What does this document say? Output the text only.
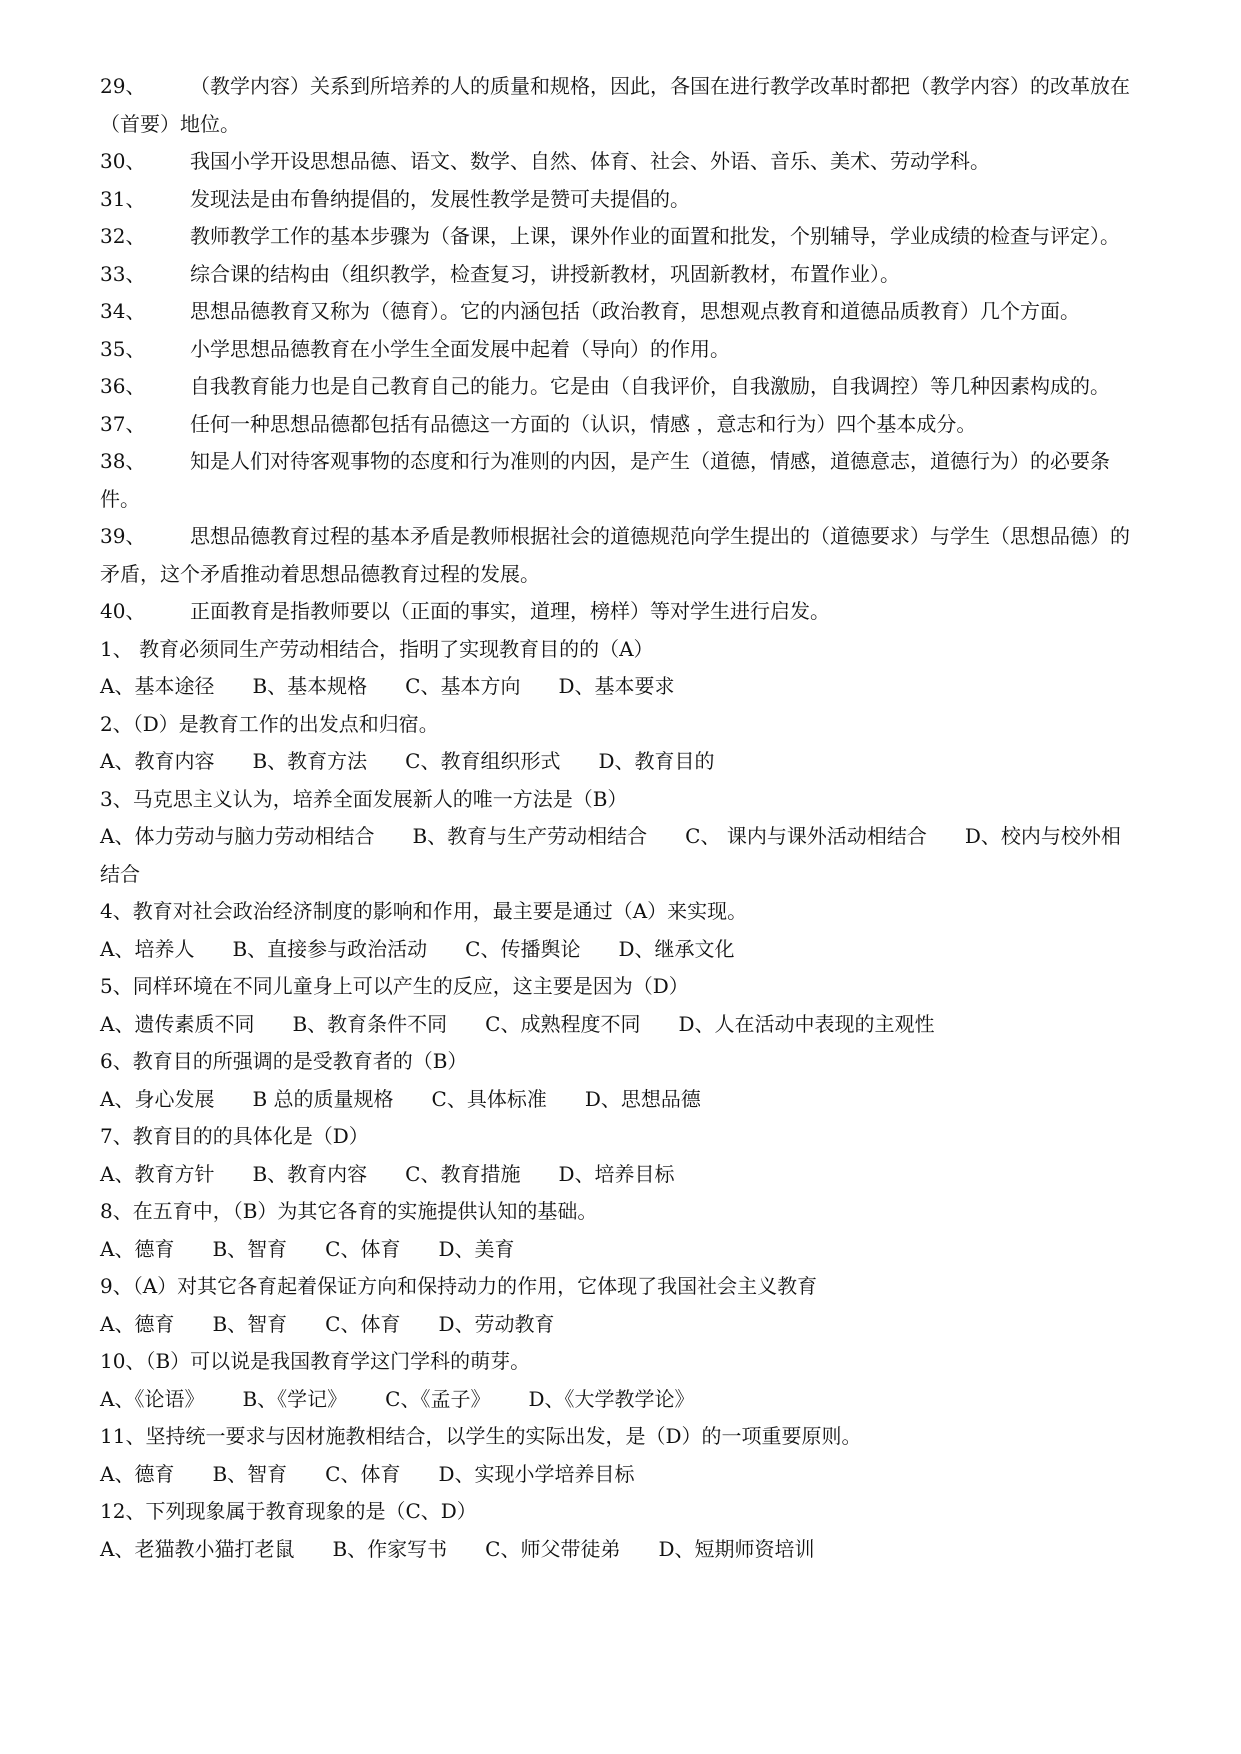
29、 （教学内容）关系到所培养的人的质量和规格，因此，各国在进行教学改革时都把（教学内容）的改革放在（首要）地位。
30、 我国小学开设思想品德、语文、数学、自然、体育、社会、外语、音乐、美术、劳动学科。
31、 发现法是由布鲁纳提倡的，发展性教学是赞可夫提倡的。
32、 教师教学工作的基本步骤为（备课，上课，课外作业的面置和批发，个别辅导，学业成绩的检查与评定）。
33、 综合课的结构由（组织教学，检查复习，讲授新教材，巩固新教材，布置作业）。
34、 思想品德教育又称为（德育）。它的内涵包括（政治教育，思想观点教育和道德品质教育）几个方面。
35、 小学思想品德教育在小学生全面发展中起着（导向）的作用。
36、 自我教育能力也是自己教育自己的能力。它是由（自我评价，自我激励，自我调控）等几种因素构成的。
37、 任何一种思想品德都包括有品德这一方面的（认识，情感 ，意志和行为）四个基本成分。
38、 知是人们对待客观事物的态度和行为准则的内因，是产生（道德，情感，道德意志，道德行为）的必要条件。
39、 思想品德教育过程的基本矛盾是教师根据社会的道德规范向学生提出的（道德要求）与学生（思想品德）的矛盾，这个矛盾推动着思想品德教育过程的发展。
40、 正面教育是指教师要以（正面的事实，道理，榜样）等对学生进行启发。
1、 教育必须同生产劳动相结合，指明了实现教育目的的（A）
A、基本途径 B、基本规格 C、基本方向 D、基本要求
2、（D）是教育工作的出发点和归宿。
A、教育内容 B、教育方法 C、教育组织形式 D、教育目的
3、马克思主义认为，培养全面发展新人的唯一方法是（B）
A、体力劳动与脑力劳动相结合 B、教育与生产劳动相结合 C、 课内与课外活动相结合 D、校内与校外相结合
4、教育对社会政治经济制度的影响和作用，最主要是通过（A）来实现。
A、培养人 B、直接参与政治活动 C、传播舆论 D、继承文化
5、同样环境在不同儿童身上可以产生的反应，这主要是因为（D）
A、遗传素质不同 B、教育条件不同 C、成熟程度不同 D、人在活动中表现的主观性
6、教育目的所强调的是受教育者的（B）
A、身心发展 B 总的质量规格 C、具体标准 D、思想品德
7、教育目的的具体化是（D）
A、教育方针 B、教育内容 C、教育措施 D、培养目标
8、在五育中，（B）为其它各育的实施提供认知的基础。
A、德育 B、智育 C、体育 D、美育
9、（A）对其它各育起着保证方向和保持动力的作用，它体现了我国社会主义教育
A、德育 B、智育 C、体育 D、劳动教育
10、（B）可以说是我国教育学这门学科的萌芽。
A、《论语》 B、《学记》 C、《孟子》 D、《大学教学论》
11、坚持统一要求与因材施教相结合，以学生的实际出发，是（D）的一项重要原则。
A、德育 B、智育 C、体育 D、实现小学培养目标
12、下列现象属于教育现象的是（C、D）
A、老猫教小猫打老鼠 B、作家写书 C、师父带徒弟 D、短期师资培训
